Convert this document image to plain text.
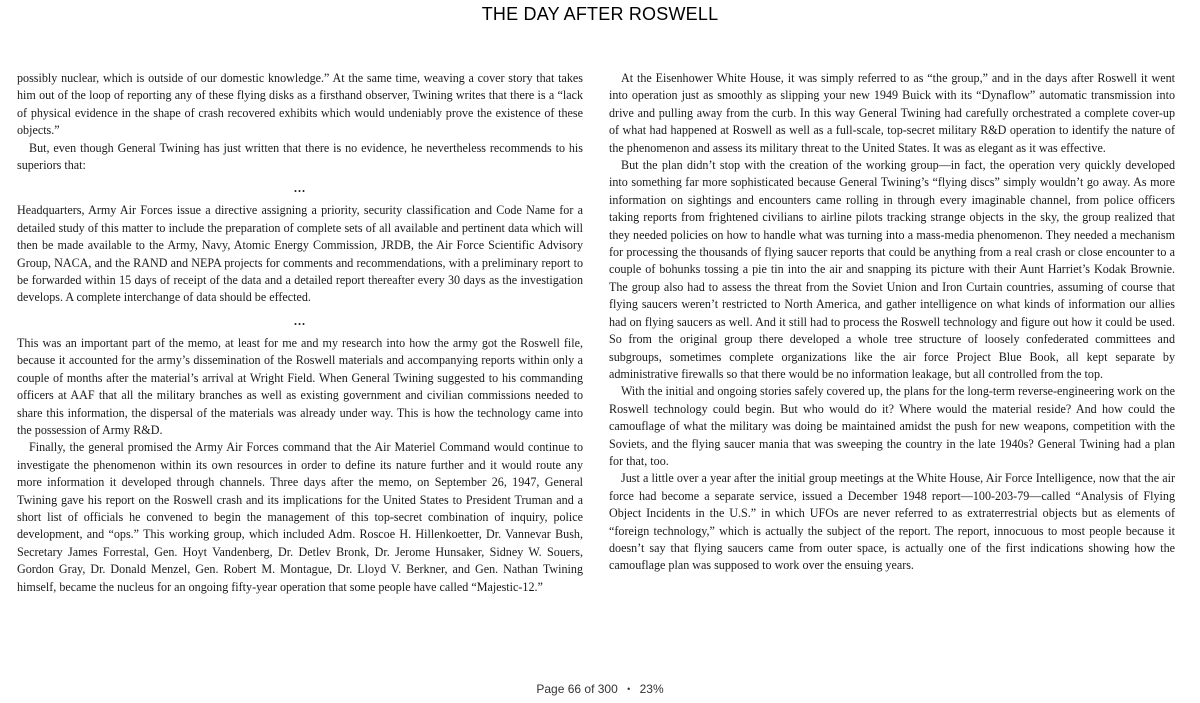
THE DAY AFTER ROSWELL

possibly nuclear, which is outside of our domestic knowledge.” At the same time, weaving a cover story that takes him out of the loop of reporting any of these flying disks as a firsthand observer, Twining writes that there is a “lack of physical evidence in the shape of crash recovered exhibits which would undeniably prove the existence of these objects.”

But, even though General Twining has just written that there is no evidence, he nevertheless recommends to his superiors that:

...

Headquarters, Army Air Forces issue a directive assigning a priority, security classification and Code Name for a detailed study of this matter to include the preparation of complete sets of all available and pertinent data which will then be made available to the Army, Navy, Atomic Energy Commission, JRDB, the Air Force Scientific Advisory Group, NACA, and the RAND and NEPA projects for comments and recommendations, with a preliminary report to be forwarded within 15 days of receipt of the data and a detailed report thereafter every 30 days as the investigation develops. A complete interchange of data should be effected.

...

This was an important part of the memo, at least for me and my research into how the army got the Roswell file, because it accounted for the army’s dissemination of the Roswell materials and accompanying reports within only a couple of months after the material’s arrival at Wright Field. When General Twining suggested to his commanding officers at AAF that all the military branches as well as existing government and civilian commissions needed to share this information, the dispersal of the materials was already under way. This is how the technology came into the possession of Army R&D.

Finally, the general promised the Army Air Forces command that the Air Materiel Command would continue to investigate the phenomenon within its own resources in order to define its nature further and it would route any more information it developed through channels. Three days after the memo, on September 26, 1947, General Twining gave his report on the Roswell crash and its implications for the United States to President Truman and a short list of officials he convened to begin the management of this top-secret combination of inquiry, police development, and “ops.” This working group, which included Adm. Roscoe H. Hillenkoetter, Dr. Vannevar Bush, Secretary James Forrestal, Gen. Hoyt Vandenberg, Dr. Detlev Bronk, Dr. Jerome Hunsaker, Sidney W. Souers, Gordon Gray, Dr. Donald Menzel, Gen. Robert M. Montague, Dr. Lloyd V. Berkner, and Gen. Nathan Twining himself, became the nucleus for an ongoing fifty-year operation that some people have called “Majestic-12.”

At the Eisenhower White House, it was simply referred to as “the group,” and in the days after Roswell it went into operation just as smoothly as slipping your new 1949 Buick with its “Dynaflow” automatic transmission into drive and pulling away from the curb. In this way General Twining had carefully orchestrated a complete cover-up of what had happened at Roswell as well as a full-scale, top-secret military R&D operation to identify the nature of the phenomenon and assess its military threat to the United States. It was as elegant as it was effective.

But the plan didn’t stop with the creation of the working group—in fact, the operation very quickly developed into something far more sophisticated because General Twining’s “flying discs” simply wouldn’t go away. As more information on sightings and encounters came rolling in through every imaginable channel, from police officers taking reports from frightened civilians to airline pilots tracking strange objects in the sky, the group realized that they needed policies on how to handle what was turning into a mass-media phenomenon. They needed a mechanism for processing the thousands of flying saucer reports that could be anything from a real crash or close encounter to a couple of bohunks tossing a pie tin into the air and snapping its picture with their Aunt Harriet’s Kodak Brownie. The group also had to assess the threat from the Soviet Union and Iron Curtain countries, assuming of course that flying saucers weren’t restricted to North America, and gather intelligence on what kinds of information our allies had on flying saucers as well. And it still had to process the Roswell technology and figure out how it could be used. So from the original group there developed a whole tree structure of loosely confederated committees and subgroups, sometimes complete organizations like the air force Project Blue Book, all kept separate by administrative firewalls so that there would be no information leakage, but all controlled from the top.

With the initial and ongoing stories safely covered up, the plans for the long-term reverse-engineering work on the Roswell technology could begin. But who would do it? Where would the material reside? And how could the camouflage of what the military was doing be maintained amidst the push for new weapons, competition with the Soviets, and the flying saucer mania that was sweeping the country in the late 1940s? General Twining had a plan for that, too.

Just a little over a year after the initial group meetings at the White House, Air Force Intelligence, now that the air force had become a separate service, issued a December 1948 report—100-203-79—called “Analysis of Flying Object Incidents in the U.S.” in which UFOs are never referred to as extraterrestrial objects but as elements of “foreign technology,” which is actually the subject of the report. The report, innocuous to most people because it doesn’t say that flying saucers came from outer space, is actually one of the first indications showing how the camouflage plan was supposed to work over the ensuing years.

Page 66 of 300 • 23%
